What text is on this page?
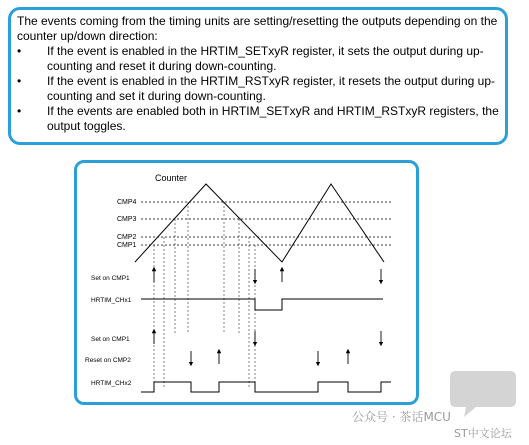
The events coming from the timing units are setting/resetting the outputs depending on the counter up/down direction:

• If the event is enabled in the HRTIM_SETxyR register, it sets the output during up-counting and reset it during down-counting.

• If the event is enabled in the HRTIM_RSTxyR register, it resets the output during up-counting and set it during down-counting.

• If the events are enabled both in HRTIM_SETxyR and HRTIM_RSTxyR registers, the output toggles.

Counter
CMP4
CMP3
CMP2
CMP1
Set on CMP1
HRTIM_CHx1
Set on CMP1
Reset on CMP2
HRTIM_CHx2
公众号 · 茶话MCU
ST中文论坛
